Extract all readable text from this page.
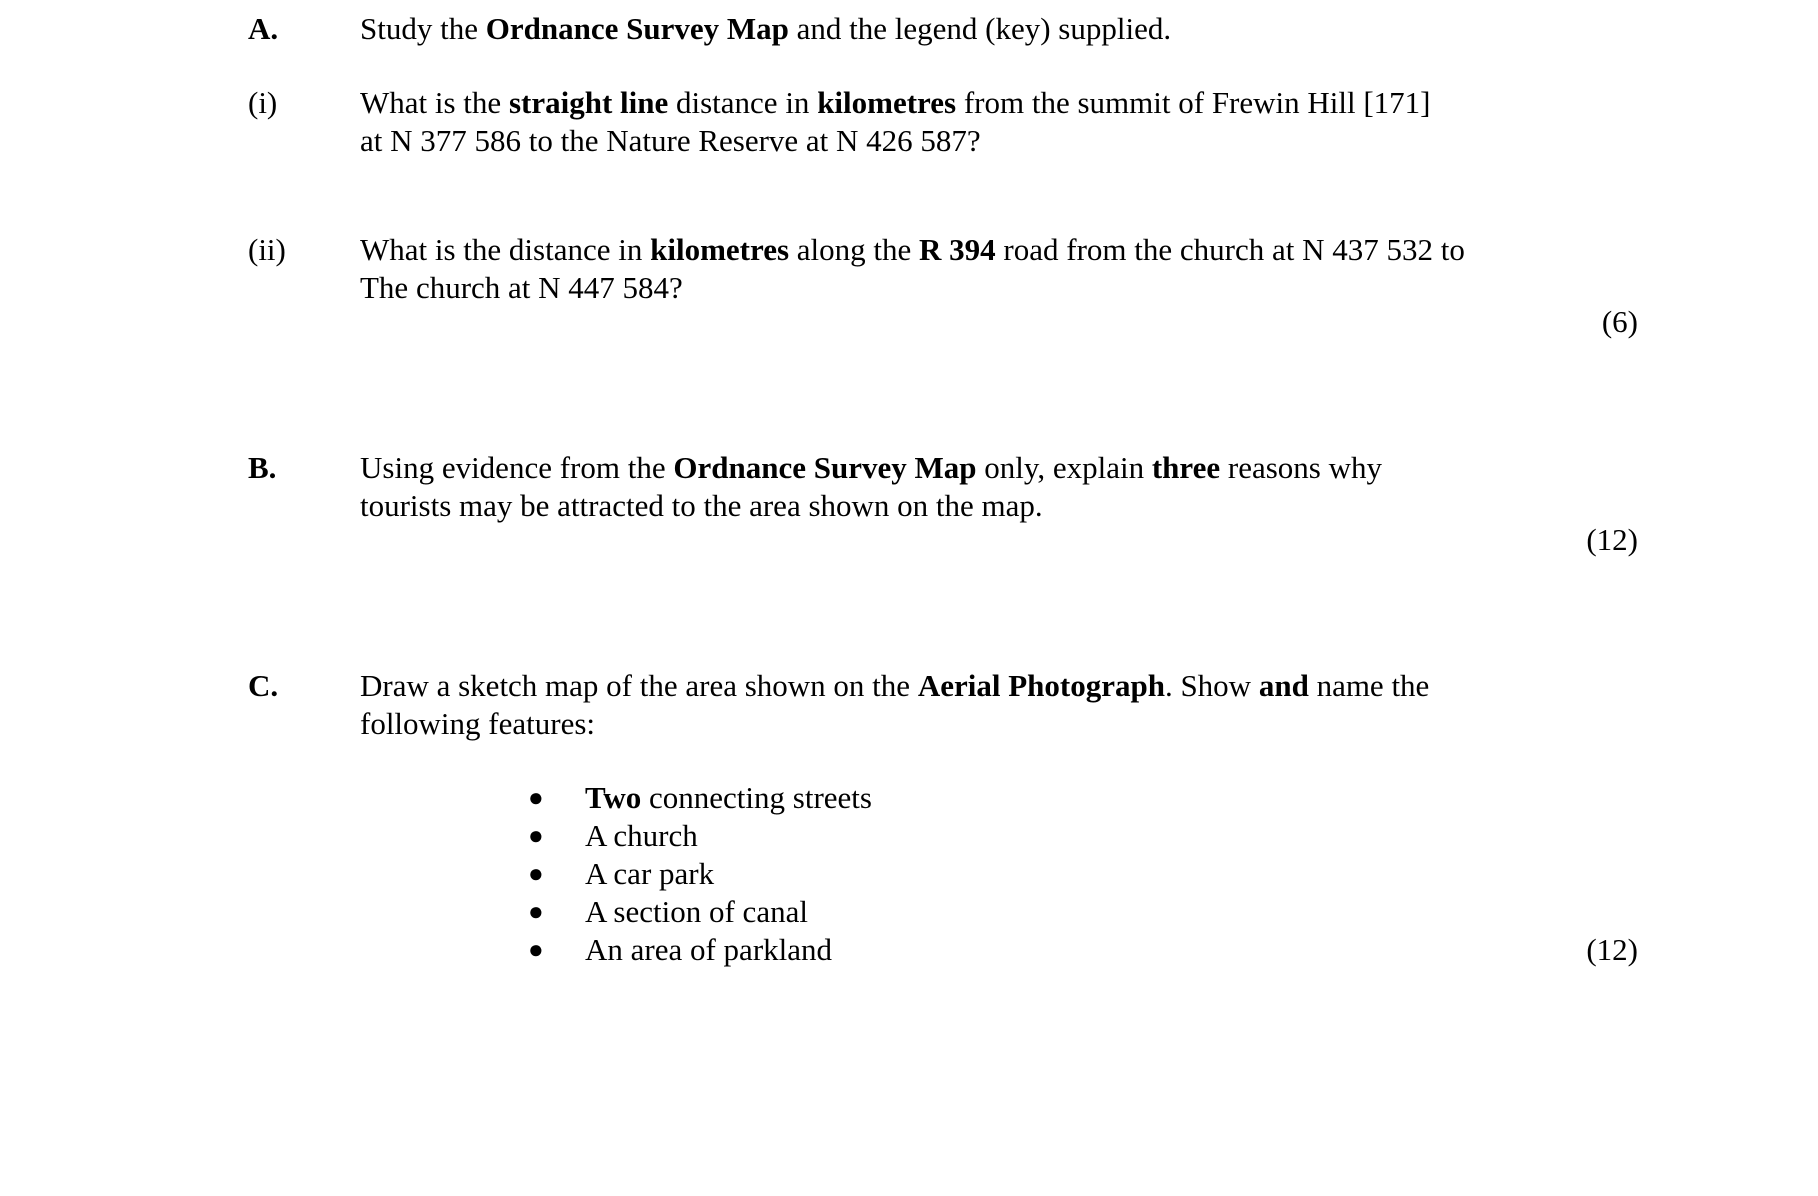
A.	Study the Ordnance Survey Map and the legend (key) supplied.

(i)	What is the straight line distance in kilometres from the summit of Frewin Hill [171]

at N 377 586 to the Nature Reserve at N 426 587?

(ii)	What is the distance in kilometres along the R 394 road from the church at N 437 532 to

The church at N 447 584?

(6)
B.	Using evidence from the Ordnance Survey Map only, explain three reasons why

tourists may be attracted to the area shown on the map.

(12)
C.	Draw a sketch map of the area shown on the Aerial Photograph. Show and name the

following features:

● Two connecting streets
● A church
● A car park
● A section of canal
● An area of parkland	(12)
